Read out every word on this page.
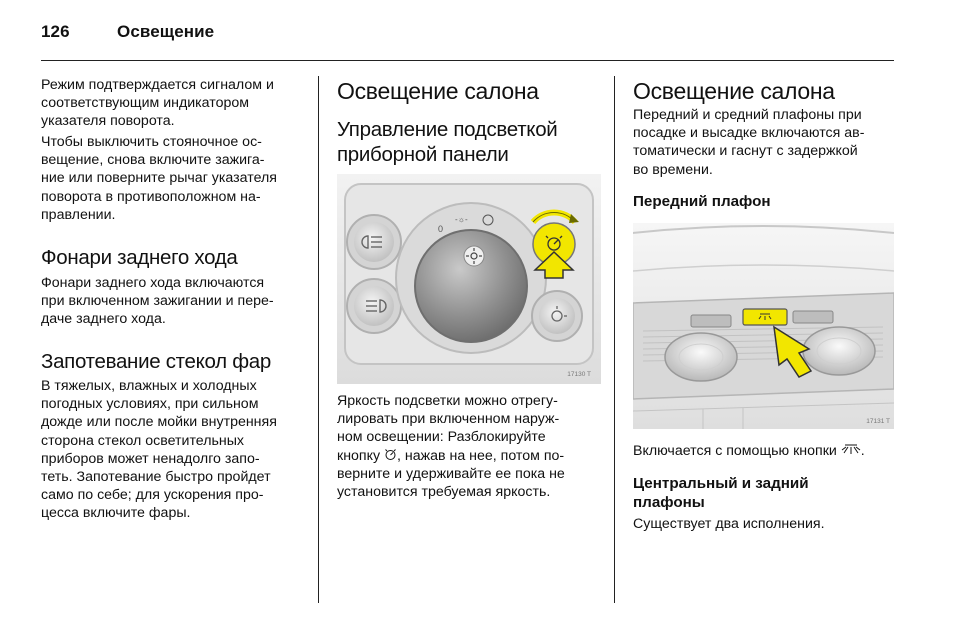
126	Освещение

Режим подтверждается сигналом и
соответствующим индикатором
указателя поворота.

Чтобы выключить стояночное ос-
вещение, снова включите зажига-
ние или поверните рычаг указателя
поворота в противоположном на-
правлении.

Фонари заднего хода

Фонари заднего хода включаются
при включенном зажигании и пере-
даче заднего хода.

Запотевание стекол фар

В тяжелых, влажных и холодных
погодных условиях, при сильном
дожде или после мойки внутренняя
сторона стекол осветительных
приборов может ненадолго запо-
теть. Запотевание быстро пройдет
само по себе; для ускорения про-
цесса включите фары.

Освещение салона
Управление подсветкой
приборной панели
0
-☼-
17130 T

Яркость подсветки можно отрегу-
лировать при включенном наруж-
ном освещении: Разблокируйте
кнопку , нажав на нее, потом по-
верните и удерживайте ее пока не
установится требуемая яркость.

Освещение салона

Передний и средний плафоны при
посадке и высадке включаются ав-
томатически и гаснут с задержкой
во времени.

Передний плафон
17131 T

Включается с помощью кнопки .

Центральный и задний
плафоны

Существует два исполнения.
